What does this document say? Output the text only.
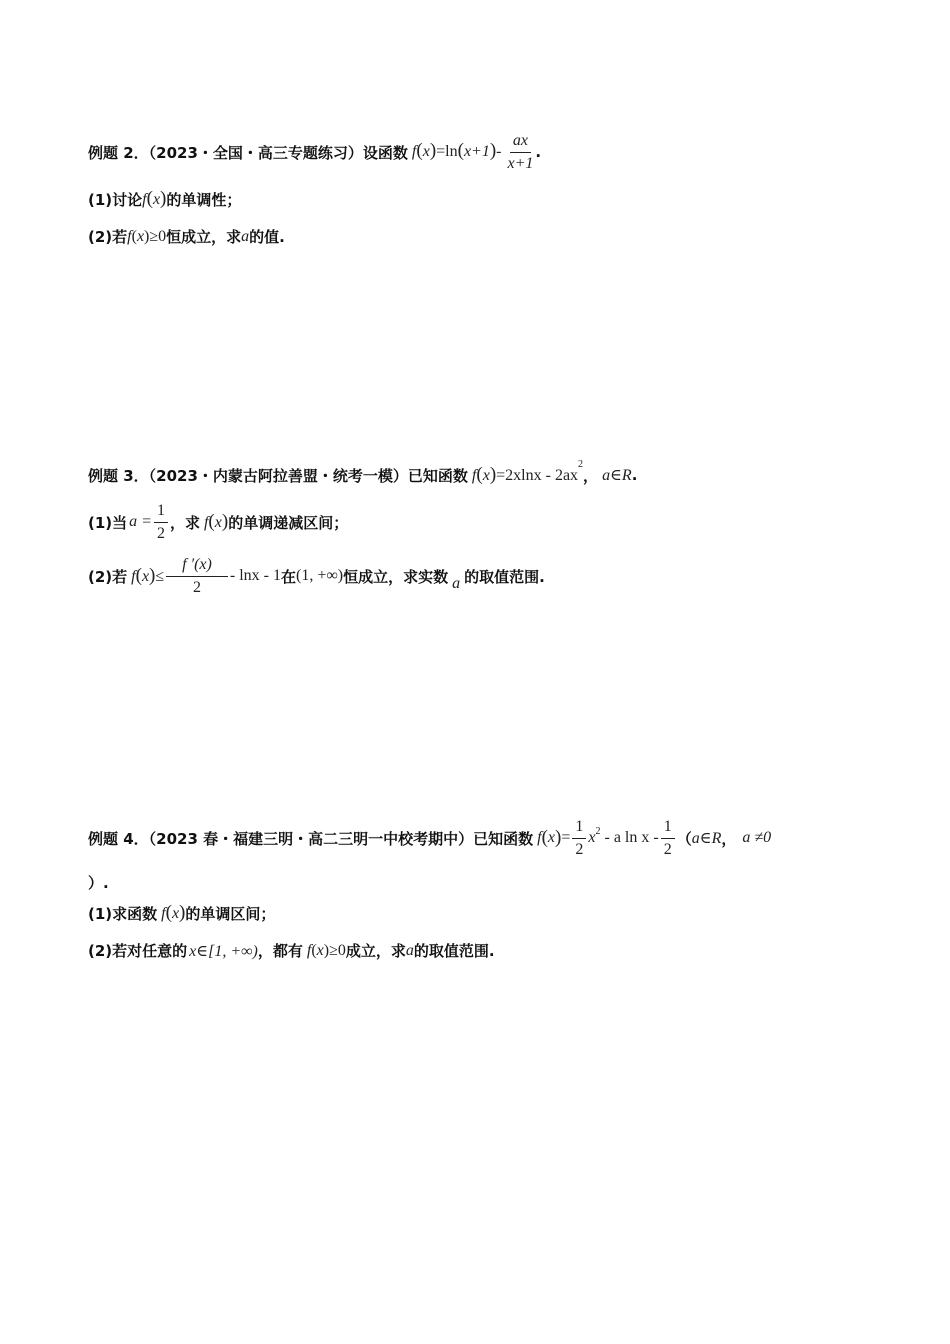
例题 2．（2023・全国・高三专题练习）设函数 $f(x)=\ln(x+1)- \frac{ax}{x+1}$ .
(1)讨论 f(x) 的单调性；
(2)若 f(x)≥0 恒成立，求 a 的值.
例题 3．（2023・内蒙古阿拉善盟・统考一模）已知函数 $f(x)=2xlnx - 2ax^2$
， a∈R .
(1)当 $a = \frac{1}{2}$ ，求 f(x) 的单调递减区间；
(2)若 $f(x)\le \frac{f '(x)}{2} - \ln x - 1$ 在 (1, +∞) 恒成立，求实数 a 的取值范围.
例题 4．（2023 春・福建三明・高二三明一中校考期中）已知函数 f ( x ) = $\frac{1}{2} x^2$ - a ln x - $\frac{1}{2}$ （ a∈R ， a ≠0
）.
(1)求函数 f(x) 的单调区间；
(2)若对任意的 x∈[1, +∞) ，都有 f(x)≥0 成立，求 a 的取值范围.
